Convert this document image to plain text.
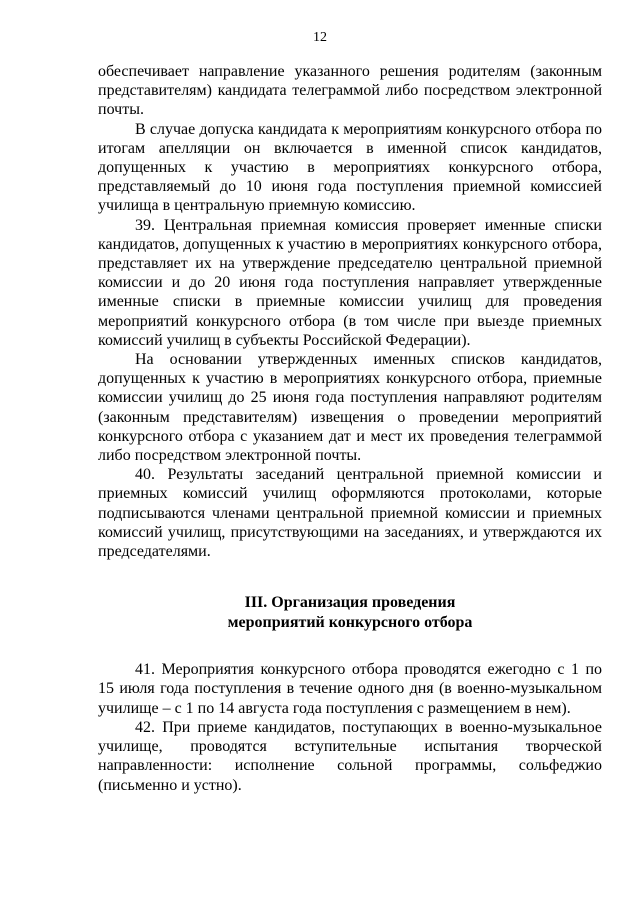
12

обеспечивает направление указанного решения родителям (законным представителям) кандидата телеграммой либо посредством электронной почты.

В случае допуска кандидата к мероприятиям конкурсного отбора по итогам апелляции он включается в именной список кандидатов, допущенных к участию в мероприятиях конкурсного отбора, представляемый до 10 июня года поступления приемной комиссией училища в центральную приемную комиссию.

39. Центральная приемная комиссия проверяет именные списки кандидатов, допущенных к участию в мероприятиях конкурсного отбора, представляет их на утверждение председателю центральной приемной комиссии и до 20 июня года поступления направляет утвержденные именные списки в приемные комиссии училищ для проведения мероприятий конкурсного отбора (в том числе при выезде приемных комиссий училищ в субъекты Российской Федерации).

На основании утвержденных именных списков кандидатов, допущенных к участию в мероприятиях конкурсного отбора, приемные комиссии училищ до 25 июня года поступления направляют родителям (законным представителям) извещения о проведении мероприятий конкурсного отбора с указанием дат и мест их проведения телеграммой либо посредством электронной почты.

40. Результаты заседаний центральной приемной комиссии и приемных комиссий училищ оформляются протоколами, которые подписываются членами центральной приемной комиссии и приемных комиссий училищ, присутствующими на заседаниях, и утверждаются их председателями.

III. Организация проведения
мероприятий конкурсного отбора

41. Мероприятия конкурсного отбора проводятся ежегодно с 1 по 15 июля года поступления в течение одного дня (в военно-музыкальном училище – с 1 по 14 августа года поступления с размещением в нем).

42. При приеме кандидатов, поступающих в военно-музыкальное училище, проводятся вступительные испытания творческой направленности: исполнение сольной программы, сольфеджио (письменно и устно).
